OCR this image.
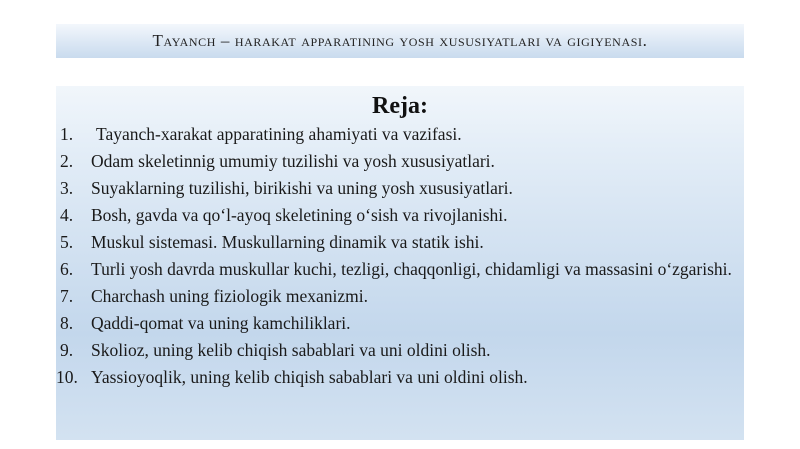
Tayanch – harakat apparatining yosh xususiyatlari va gigiyenasi.
Reja:
1.	Tayanch-xarakat apparatining ahamiyati va vazifasi.
2.	Odam skeletinnig umumiy tuzilishi va yosh xususiyatlari.
3.	Suyaklarning tuzilishi, birikishi va uning yosh xususiyatlari.
4.	Bosh, gavda va qo‘l-ayoq skeletining o‘sish va rivojlanishi.
5.	Muskul sistemasi. Muskullarning dinamik va statik ishi.
6.	Turli yosh davrda muskullar kuchi, tezligi, chaqqonligi, chidamligi va massasini o‘zgarishi.
7.	Charchash uning fiziologik mexanizmi.
8.	Qaddi-qomat va uning kamchiliklari.
9.	Skolioz, uning kelib chiqish sabablari va uni oldini olish.
10. Yassioyoqlik, uning kelib chiqish sabablari va uni oldini olish.
